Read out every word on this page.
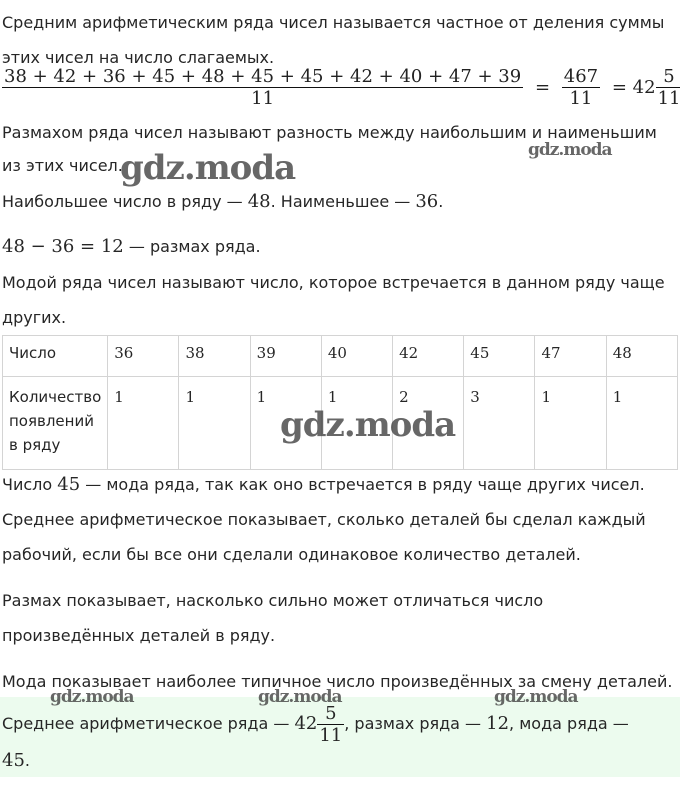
Средним арифметическим ряда чисел называется частное от деления суммы
этих чисел на число слагаемых.
$\frac{38 + 42 + 36 + 45 + 48 + 45 + 45 + 42 + 40 + 47 + 39}{11} = \frac{467}{11} = 42 \frac{5}{11}$
Размахом ряда чисел называют разность между наибольшим и наименьшим
из этих чисел.
Наибольшее число в ряду — 48. Наименьшее — 36.
48 − 36 = 12 — размах ряда.
Модой ряда чисел называют число, которое встречается в данном ряду чаще
других.
Число	36	38	39	40	42	45	47	48
Количество появлений в ряду	1	1	1	1	2	3	1	1
Число 45 — мода ряда, так как оно встречается в ряду чаще других чисел.
Среднее арифметическое показывает, сколько деталей бы сделал каждый
рабочий, если бы все они сделали одинаковое количество деталей.
Размах показывает, насколько сильно может отличаться число
произведённых деталей в ряду.
Мода показывает наиболее типичное число произведённых за смену деталей.
Среднее арифметическое ряда — $42 \frac{5}{11}$ , размах ряда — 12, мода ряда —
45.
gdz.moda	gdz.moda
gdz.moda
gdz.moda	gdz.moda	gdz.moda
